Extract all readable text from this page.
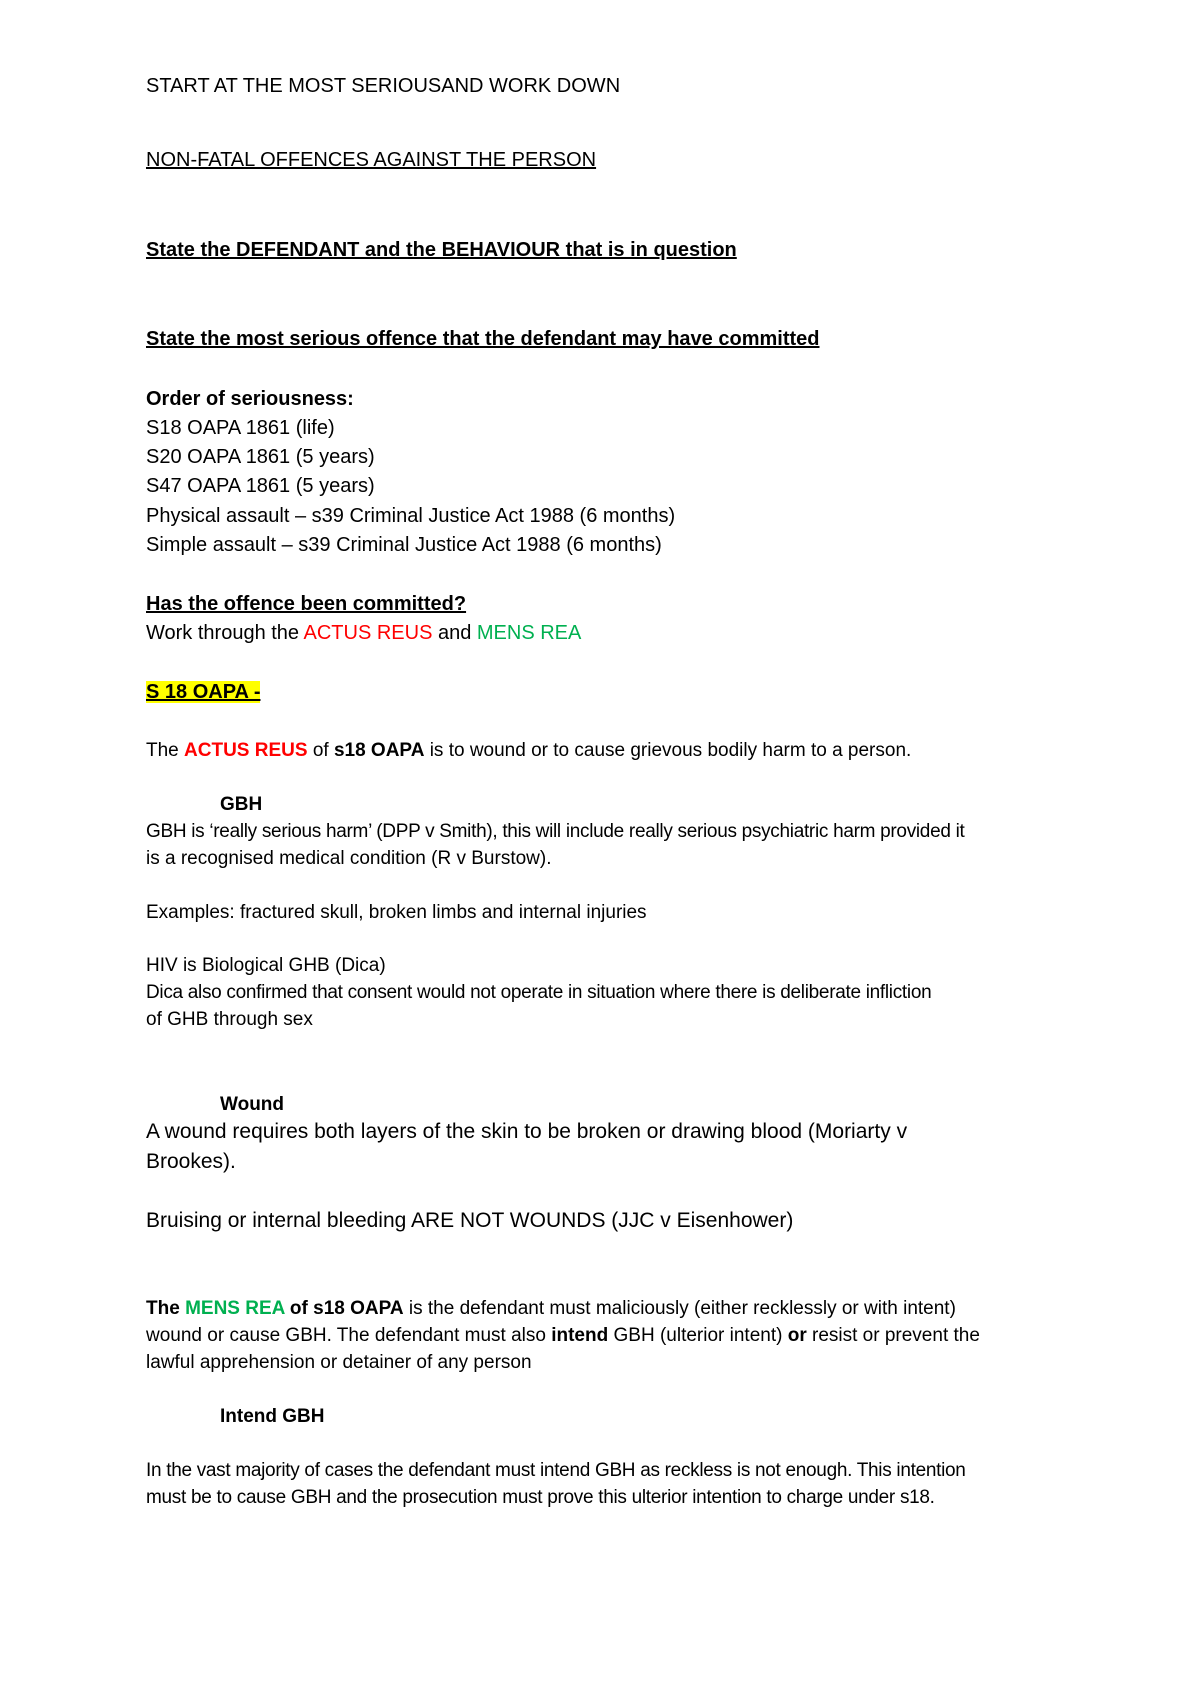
START AT THE MOST SERIOUSAND WORK DOWN
NON-FATAL OFFENCES AGAINST THE PERSON
State the DEFENDANT and the BEHAVIOUR that is in question
State the most serious offence that the defendant may have committed
Order of seriousness:
S18 OAPA 1861 (life)
S20 OAPA 1861 (5 years)
S47 OAPA 1861 (5 years)
Physical assault – s39 Criminal Justice Act 1988 (6 months)
Simple assault – s39 Criminal Justice Act 1988 (6 months)
Has the offence been committed?
Work through the ACTUS REUS and MENS REA
S 18 OAPA -
The ACTUS REUS of s18 OAPA is to wound or to cause grievous bodily harm to a person.
GBH
GBH is ‘really serious harm’ (DPP v Smith), this will include really serious psychiatric harm provided it
is a recognised medical condition (R v Burstow).
Examples: fractured skull, broken limbs and internal injuries
HIV is Biological GHB (Dica)
Dica also confirmed that consent would not operate in situation where there is deliberate infliction
of GHB through sex
Wound
A wound requires both layers of the skin to be broken or drawing blood (Moriarty v
Brookes).
Bruising or internal bleeding ARE NOT WOUNDS (JJC v Eisenhower)
The MENS REA of s18 OAPA is the defendant must maliciously (either recklessly or with intent)
wound or cause GBH. The defendant must also intend GBH (ulterior intent) or resist or prevent the
lawful apprehension or detainer of any person
Intend GBH
In the vast majority of cases the defendant must intend GBH as reckless is not enough. This intention
must be to cause GBH and the prosecution must prove this ulterior intention to charge under s18.
